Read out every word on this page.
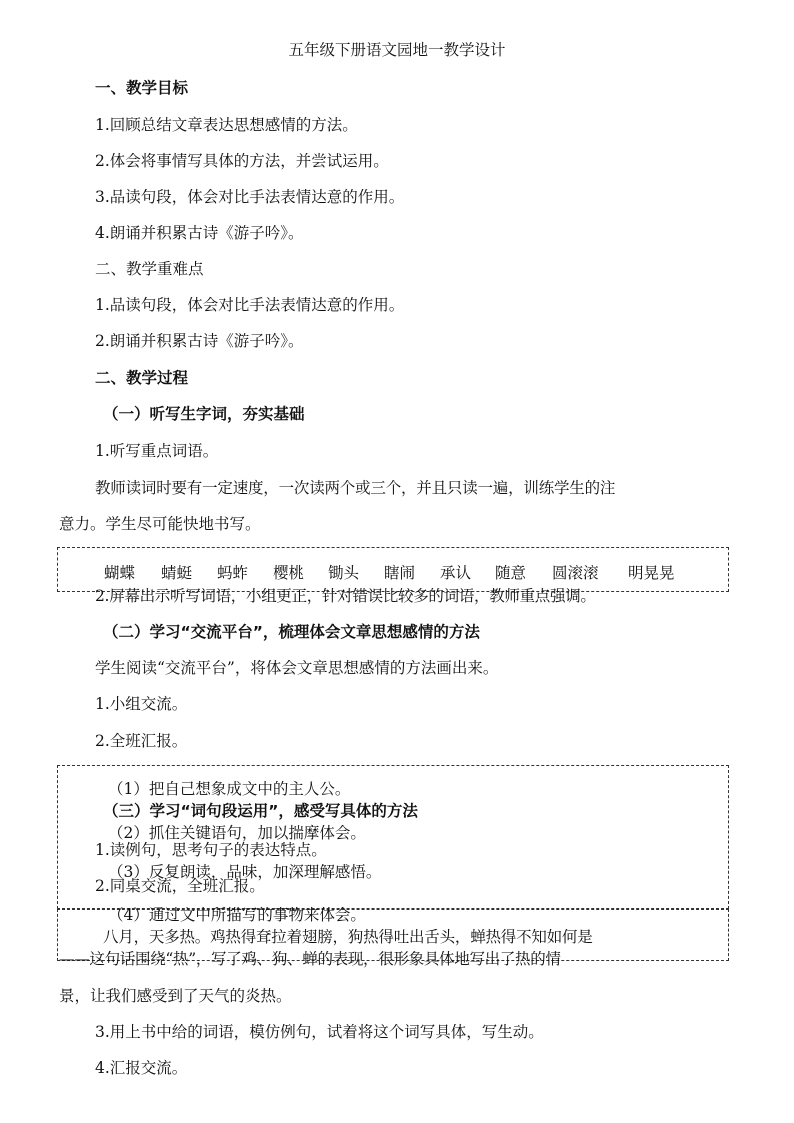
五年级下册语文园地一教学设计
一、教学目标
1.回顾总结文章表达思想感情的方法。
2.体会将事情写具体的方法，并尝试运用。
3.品读句段，体会对比手法表情达意的作用。
4.朗诵并积累古诗《游子吟》。
二、教学重难点
1.品读句段，体会对比手法表情达意的作用。
2.朗诵并积累古诗《游子吟》。
二、教学过程
（一）听写生字词，夯实基础
1.听写重点词语。
教师读词时要有一定速度，一次读两个或三个，并且只读一遍，训练学生的注
意力。学生尽可能快地书写。
蝴蝶 蜻蜓 蚂蚱 樱桃 锄头 瞎闹 承认 随意 圆滚滚 明晃晃
2.屏幕出示听写词语，小组更正，针对错误比较多的词语，教师重点强调。
（二）学习“交流平台”，梳理体会文章思想感情的方法
学生阅读“交流平台”，将体会文章思想感情的方法画出来。
1.小组交流。
2.全班汇报。
（1）把自己想象成文中的主人公。
（三）学习“词句段运用”，感受写具体的方法
（2）抓住关键语句，加以揣摩体会。
1.读例句，思考句子的表达特点。
（3）反复朗读，品味，加深理解感悟。
2.同桌交流，全班汇报。
（4）通过文中所描写的事物来体会。
八月，天多热。鸡热得耷拉着翅膀，狗热得吐出舌头，蝉热得不知如何是
——这句话围绕“热”，写了鸡、狗、蝉的表现，很形象具体地写出了热的情
景，让我们感受到了天气的炎热。
3.用上书中给的词语，模仿例句，试着将这个词写具体，写生动。
4.汇报交流。
